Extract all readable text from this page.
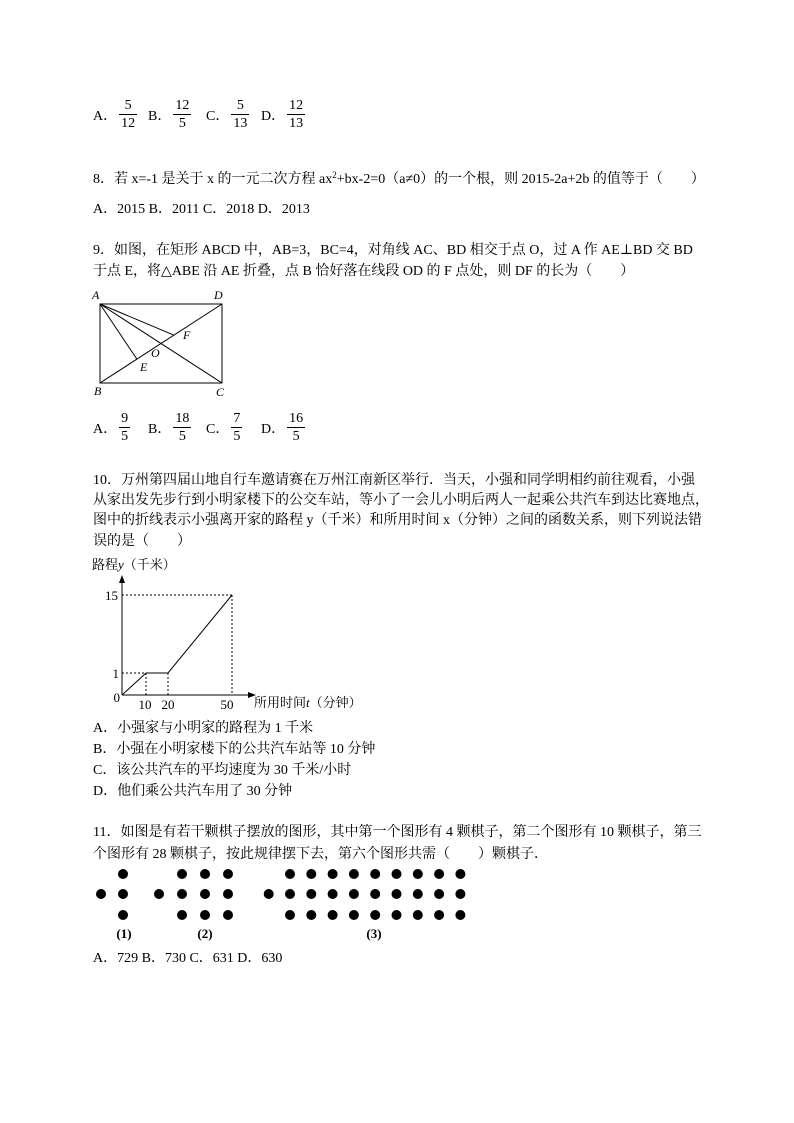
A． $\frac{5}{12}$ B． $\frac{12}{5}$ C． $\frac{5}{13}$ D． $\frac{12}{13}$
8．若 x=-1 是关于 x 的一元二次方程 $ax^2+bx-2=0(a\ne 0)$的一个根，则 2015-2a+2b 的值等于（　　）
A．2015 B．2011 C．2018 D．2013
9．如图，在矩形 ABCD 中，AB=3，BC=4，对角线 AC、BD 相交于点 O，过 A 作 AE⊥BD 交 BD
于点 E，将△ABE 沿 AE 折叠，点 B 恰好落在线段 OD 的 F 点处，则 DF 的长为（　　）
A	D
B	C
F
O
E
A． $\frac{9}{5}$ B． $\frac{18}{5}$ C． $\frac{7}{5}$ D． $\frac{16}{5}$
10．万州第四届山地自行车邀请赛在万州江南新区举行．当天，小强和同学明相约前往观看，小强
从家出发先步行到小明家楼下的公交车站，等小了一会儿小明后两人一起乘公共汽车到达比赛地点，
图中的折线表示小强离开家的路程 y（千米）和所用时间 x（分钟）之间的函数关系，则下列说法错
误的是（　　）
路程y（千米）
15
1
0 10 20	50 所用时间t（分钟）
A．小强家与小明家的路程为 1 千米
B．小强在小明家楼下的公共汽车站等 10 分钟
C．该公共汽车的平均速度为 30 千米/小时
D．他们乘公共汽车用了 30 分钟
11．如图是有若干颗棋子摆放的图形，其中第一个图形有 4 颗棋子，第二个图形有 10 颗棋子，第三
个图形有 28 颗棋子，按此规律摆下去，第六个图形共需（　　）颗棋子．
(1)	(2)	(3)
A．729 B．730 C．631 D．630
